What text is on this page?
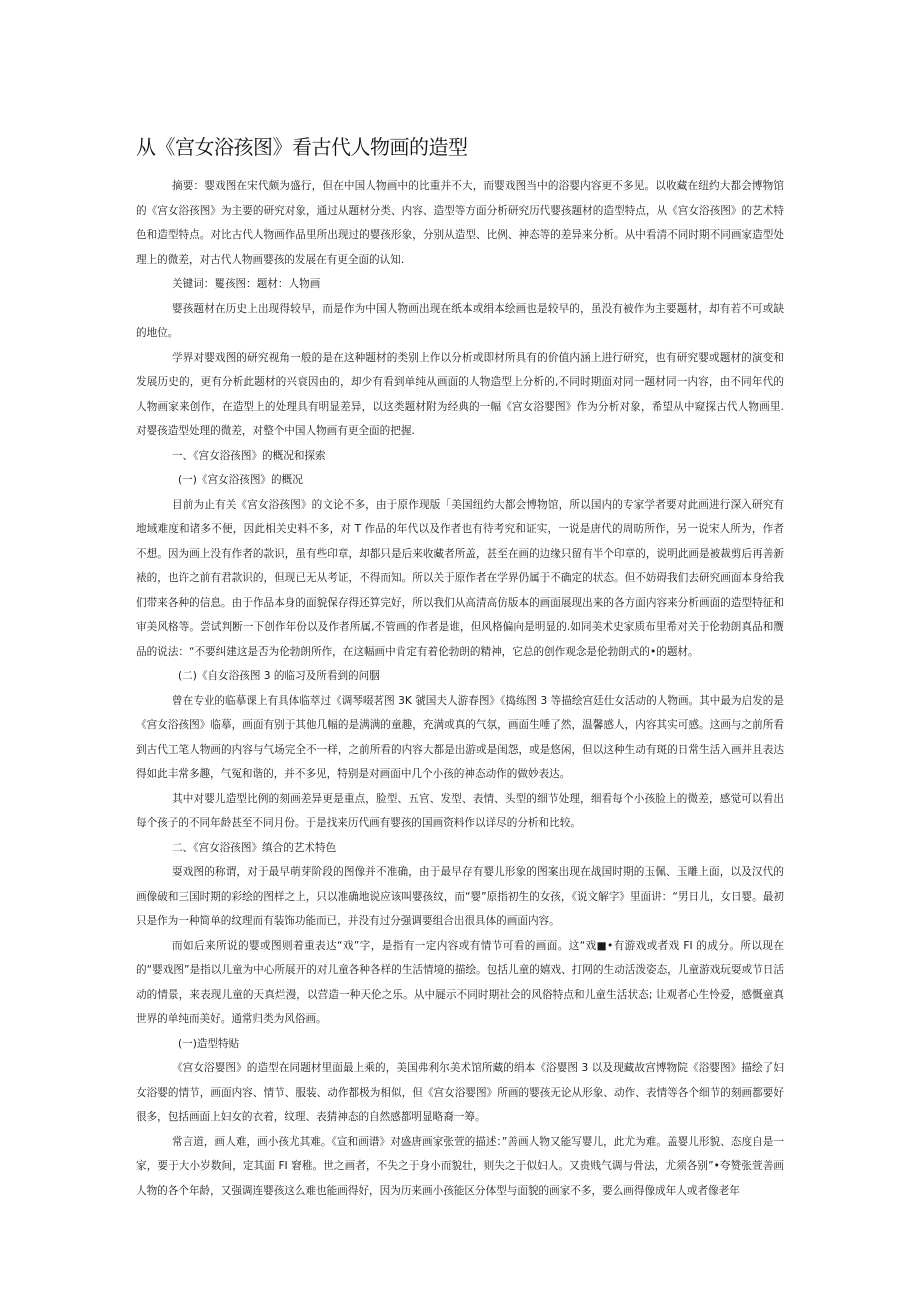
从《宫女浴孩图》看古代人物画的造型

摘要：婴戏图在宋代颇为盛行，但在中国人物画中的比重并不大，而婴戏图当中的浴婴内容更不多见。以收藏在纽约大都会博物馆的《宫女浴孩图》为主要的研究对象，通过从题材分类、内容、造型等方面分析研究历代婴孩题材的造型特点，从《宫女浴孩图》的艺术特色和造型特点。对比古代人物画作品里所出现过的婴孩形象，分别从造型、比例、神态等的差异来分析。从中看清不同时期不同画家造型处理上的微差，对古代人物画婴孩的发展在有更全面的认知.

关键词：矍孩图：题材：人物画

婴孩题材在历史上出现得较早，而是作为中国人物画出现在纸本或绢本绘画也是较早的，虽没有被作为主要题材，却有若不可或缺的地位。

学界对婴戏图的研究视角一般的是在这种题材的类别上作以分析或即材所具有的价值内涵上进行研究，也有研究婴或题材的演变和发展历史的，更有分析此题材的兴衰因由的，却少有看到单纯从画面的人物造型上分析的,不同时期面对同一题材同一内容，由不同年代的人物画家来创作，在造型上的处理具有明显差异，以这类题材附为经典的一幅《宫女浴婴图》作为分析对象，希望从中窥探古代人物画里.对婴孩造型处理的微差，对整个中国人物画有更全面的把握.

一、《宫女浴孩图》的概况和探索

(一)《宫女浴孩图》的概况

目前为止有关《宫女浴孩图》的文论不多，由于原作现版「美国纽约大都会博物馆，所以国内的专家学者要对此画进行深入研究有地域难度和诸多不便，因此相关史料不多，对 T 作品的年代以及作者也有待考究和证实，一说是唐代的周昉所作，另一说宋人所为，作者不想。因为画上没有作者的款识，虽有些印章，却都只是后来收藏者所盖，甚至在画的边缘只留有半个印章的，说明此画是被裁剪后再善新裱的，也许之前有君款识的，但现已无从考证，不得而知。所以关于原作者在学界仍属于不确定的状态。但不妨碍我们去研究画面本身给我们带来各种的信息。由于作品本身的面貌保存得还算完好，所以我们从高清高仿版本的画面展现出来的各方面内容来分析画面的造型特征和审美风格等。尝试判断一下创作年份以及作者所属,不管画的作者是谁，但风格偏向是明显的.如同美术史家质布里希对关于伦勃朗真品和赝品的说法：“不要纠建这是否为伦勃朗所作，在这幅画中肯定有着伦勃朗的精神，它总的创作观念是伦勃朗式的•的题材。

(二)《自女浴孩图 3 的临习及所看到的问胭

曾在专业的临摹课上有具体临萃过《调琴啜茗图 3K 虢国夫人游春图》《捣练图 3 等描绘宫廷仕女活动的人物画。其中最为启发的是《宫女浴孩图》临摹，画面有别于其他几幅的是满满的童趣，充满或真的气氛，画面生唾了然，温馨感人，内容其实可感。这画与之前所看到古代工笔人物画的内容与气场完全不一样，之前所看的内容大都是出游或是闺怨，或是悠闲，但以这种生动有斑的日常生活入画并且表达得如此丰常多趣，气冤和谐的，并不多见，特别是对画面中几个小孩的神态动作的做妙表达。

其中对婴儿造型比例的刻画差异更是重点，脸型、五官、发型、表情、头型的细节处理，细看每个小孩脸上的微差，感觉可以看出每个孩子的不同年龄甚至不同月份。于是找来历代画有婴孩的国画资料作以详尽的分析和比较。

二、《宫女浴孩图》缜合的艺术特色

耍戏图的称谓，对于最早萌芽阶段的图像并不准确，由于最早存有婴儿形象的图案出现在战国时期的玉佩、玉雕上面，以及汉代的画像破和三国时期的彩绘的图样之上，只以准确地说应该叫婴孩纹，而“婴”原指初生的女孩，《说文解字》里面讲：“男日儿，女日婴。最初只是作为一种简单的纹理而有装饰功能而已，并没有过分强调要组合出很具体的画面内容。

而如后来所说的婴或图则着重表达“戏”字，是指有一定内容或有情节可看的画面。这“戏■•有游戏或者戏 FI 的成分。所以现在的“婴戏图”是指以儿童为中心所展开的对儿童各种各样的生活情境的描绘。包括儿童的嬉戏、打网的生动活泼姿态，儿童游戏玩耍或节日活动的情景，来表现儿童的天真烂漫，以营造一种天伦之乐。从中屣示不同时期社会的风俗特点和儿童生活状态; 让观者心生怜爱，感慨童真世界的单纯而美好。通常归类为风俗画。

(一)造型特贴

《宫女浴婴图》的造型在同题材里面最上乘的，美国弗利尔美术馆所藏的绢本《浴婴图 3 以及现藏故宫博物院《浴婴图》描绘了妇女浴婴的情节，画面内容、情节、服装、动作都极为相似，但《宫女浴婴图》所画的婴孩无论从形象、动作、表情等各个细节的刻画都要好很多，包括画面上妇女的衣着，纹理、表猜神态的自然感都明显略裔一筹。

常言道，画人难，画小孩尤其难。《宣和画谱》对盛唐画家张萱的描述：”善画人物又能写婴儿，此尤为难。盖婴儿形貌、态度自是一家，要于大小岁数间，定其面 FI 窘稚。世之画者，不失之于身小而貌壮，则失之于似妇人。又贵贱气调与骨法，尤须各别”•夸赞张萱善画人物的各个年龄，又强调连婴孩这么难也能画得好，因为历来画小孩能区分体型与面貌的画家不多，要么画得像成年人或者像老年
